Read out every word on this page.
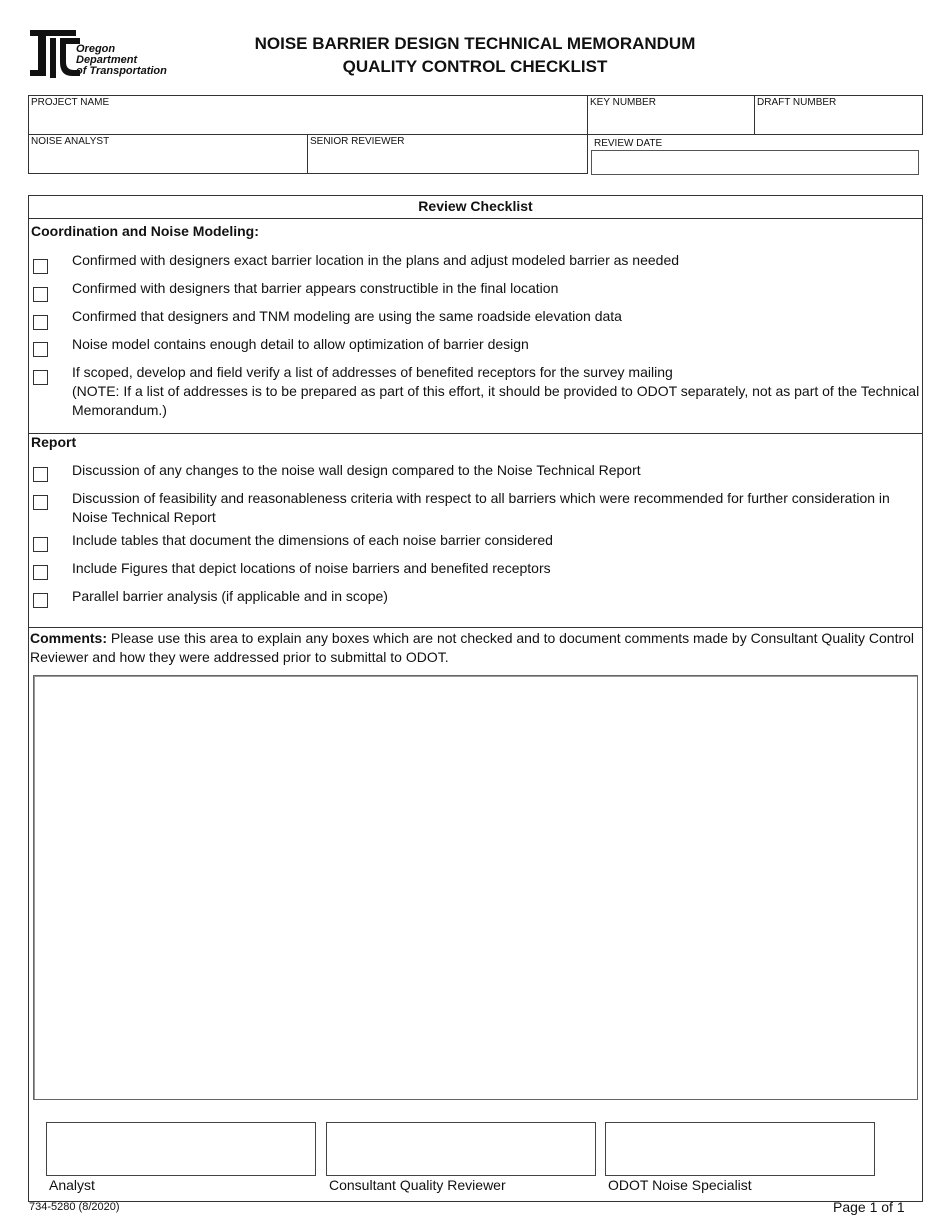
Oregon
Department
of Transportation
NOISE BARRIER DESIGN TECHNICAL MEMORANDUM
QUALITY CONTROL CHECKLIST
PROJECT NAME	KEY NUMBER	DRAFT NUMBER
NOISE ANALYST	SENIOR REVIEWER	REVIEW DATE
Review Checklist
Coordination and Noise Modeling:
Confirmed with designers exact barrier location in the plans and adjust modeled barrier as needed
Confirmed with designers that barrier appears constructible in the final location
Confirmed that designers and TNM modeling are using the same roadside elevation data
Noise model contains enough detail to allow optimization of barrier design
If scoped, develop and field verify a list of addresses of benefited receptors for the survey mailing
(NOTE: If a list of addresses is to be prepared as part of this effort, it should be provided to ODOT separately, not as part of the Technical Memorandum.)
Report
Discussion of any changes to the noise wall design compared to the Noise Technical Report
Discussion of feasibility and reasonableness criteria with respect to all barriers which were recommended for further consideration in Noise Technical Report
Include tables that document the dimensions of each noise barrier considered
Include Figures that depict locations of noise barriers and benefited receptors
Parallel barrier analysis (if applicable and in scope)
Comments: Please use this area to explain any boxes which are not checked and to document comments made by Consultant Quality Control Reviewer and how they were addressed prior to submittal to ODOT.
Analyst	Consultant Quality Reviewer	ODOT Noise Specialist
734-5280 (8/2020)	Page 1 of 1
